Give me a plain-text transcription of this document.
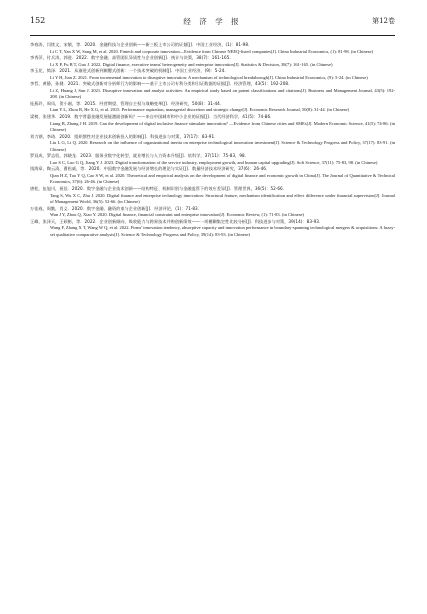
152	经 济 学 报	第12卷

李春涛，闫续文，宋敏，等．2020．金融科技与企业创新——新三板上市公司的证据[J]．中国工业经济，(1)：81-98．
Li C T, Yan X W, Song M, et al. 2020. Fintech and corporate innovation—Evidence from Chinese NEEQ-listed companies[J]. China Industrial Economics, (1): 81-98. (in Chinese)

李秀萍，付兵涛，郭进．2022．数字金融、高管团队异质性与企业创新[J]．统计与决策，38(7)：161-165．
Li X P, Fu B T, Guo J. 2022. Digital finance, executive teams' heterogeneity and enterprise innovation[J]. Statistics & Decision, 38(7): 161-165. (in Chinese)

李玉花，简泽．2021．从渐进式创新到颠覆式创新：一个技术突破的机制[J]．中国工业经济，(9)：5-24．
Li Y H, Jian Z. 2021. From incremental innovation to disruptive innovation: A mechanism of technological breakthrough[J]. China Industrial Economics, (9): 5-24. (in Chinese)

李哲，黄静，孙健．2021．突破式创新对分析师行为的影响——基于上市公司专利分类和引证数据的证据[J]．经济管理，43(5)：192-208．
Li Z, Huang J, Sun J. 2021. Disruptive innovation and analyst activities: An empirical study based on patent classifications and citations[J]. Business and Management Journal, 43(5): 192-208. (in Chinese)

连燕玲，周凤，贺小刚，等．2015．经营期望、管理自主权与战略变革[J]．经济研究，50(8)：31-44．
Lian Y L, Zhou B, He X G, et al. 2015. Performance aspiration, managerial discretion and strategic change[J]. Economic Research Journal, 50(8): 31-44. (in Chinese)

梁榜，张建华．2019．数字普惠金融发展能激励创新吗？——来自中国城市和中小企业的证据[J]．当代经济科学，41(5)：74-86．
Liang B, Zhang J H. 2019. Can the development of digital inclusive finance stimulate innovation? —Evidence from Chinese cities and SMEs[J]. Modern Economic Science, 41(5): 74-86. (in Chinese)

刘力钢，李琦．2020．组织惯性对企业技术创新投入的影响[J]．科技进步与对策，37(17)：83-91．
Liu L G, Li Q. 2020. Research on the influence of organizational inertia on enterprise technological innovation investment[J]. Science & Technology Progress and Policy, 37(17): 83-91. (in Chinese)

罗双成，罗志恒，郭晓龙．2023．服务业数字化转型、就业增长与人力资本升级[J]．软科学，37(11)：75-83，98．
Luo S C, Luo G Q, Jiang Y J. 2023. Digital transformation of the service industry, employment growth, and human capital upgrading[J]. Soft Science, 37(11): 75-83, 98. (in Chinese)

钱海章，陶云清，曹松威，等．2020．中国数字金融发展与经济增长的理论与实证[J]．数量经济技术经济研究，37(6)：26-46．
Qian H Z, Tao Y Q, Cao S W, et al. 2020. Theoretical and empirical analysis on the development of digital finance and economic growth in China[J]. The Journal of Quantitative & Technical Economics, 37(6): 26-46. (in Chinese)

唐松，伍旭川，祝佳．2020．数字金融与企业技术创新——结构特征、机制识别与金融监管下的效应差异[J]．管理世界，36(5)：52-66．
Tang S, Wu X C, Zhu J. 2020. Digital finance and enterprise technology innovation: Structural feature, mechanism identification and effect difference under financial supervision[J]. Journal of Management World, 36(5): 52-66. (in Chinese)

万佳彧，周勤，肖义．2020．数字金融、融资约束与企业创新[J]．经济评论，(1)：71-83．
Wan J Y, Zhou Q, Xiao Y. 2020. Digital finance, financial constraint and enterprise innovation[J]. Economic Review, (1): 71-83. (in Chinese)

王峰，张泽天，王硕彬，等．2022．企业创新倾向、吸收能力与跨界技术并购创新绩效——一项模糊集定性比较分析[J]．科技进步与对策，39(14)：83-93．
Wang F, Zhang X T, Wang W Q, et al. 2022. Firms' innovation tendency, absorptive capacity and innovation performance in boundary-spanning technological mergers & acquisitions: A fuzzy-set qualitative comparative analysis[J]. Science & Technology Progress and Policy, 39(14): 83-93. (in Chinese)
